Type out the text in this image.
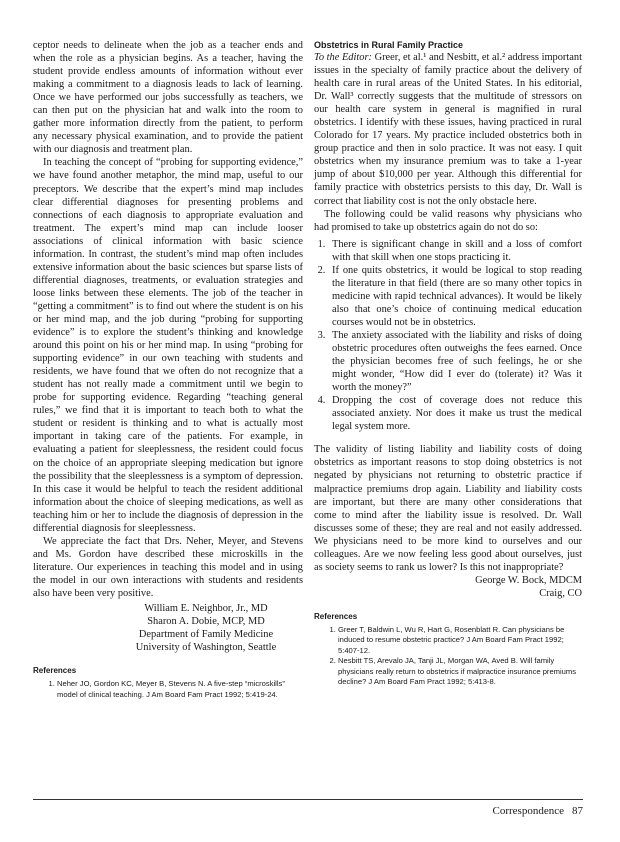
ceptor needs to delineate when the job as a teacher ends and when the role as a physician begins. As a teacher, having the student provide endless amounts of information without ever making a commitment to a diagnosis leads to lack of learning. Once we have performed our jobs successfully as teachers, we can then put on the physician hat and walk into the room to gather more information directly from the patient, to perform any necessary physical examination, and to provide the patient with our diagnosis and treatment plan.

In teaching the concept of “probing for supporting evidence,” we have found another metaphor, the mind map, useful to our preceptors. We describe that the expert’s mind map includes clear differential diagnoses for presenting problems and connections of each diagnosis to appropriate evaluation and treatment. The expert’s mind map can include looser associations of clinical information with basic science information. In contrast, the student’s mind map often includes extensive information about the basic sciences but sparse lists of differential diagnoses, treatments, or evaluation strategies and loose links between these elements. The job of the teacher in “getting a commitment” is to find out where the student is on his or her mind map, and the job during “probing for supporting evidence” is to explore the student’s thinking and knowledge around this point on his or her mind map. In using “probing for supporting evidence” in our own teaching with students and residents, we have found that we often do not recognize that a student has not really made a commitment until we begin to probe for supporting evidence. Regarding “teaching general rules,” we find that it is important to teach both to what the student or resident is thinking and to what is actually most important in taking care of the patients. For example, in evaluating a patient for sleeplessness, the resident could focus on the choice of an appropriate sleeping medication but ignore the possibility that the sleeplessness is a symptom of depression. In this case it would be helpful to teach the resident additional information about the choice of sleeping medications, as well as teaching him or her to include the diagnosis of depression in the differential diagnosis for sleeplessness.

We appreciate the fact that Drs. Neher, Meyer, and Stevens and Ms. Gordon have described these microskills in the literature. Our experiences in teaching this model and in using the model in our own interactions with students and residents also have been very positive.

William E. Neighbor, Jr., MD
Sharon A. Dobie, MCP, MD
Department of Family Medicine
University of Washington, Seattle
References
1. Neher JO, Gordon KC, Meyer B, Stevens N. A five-step “microskills” model of clinical teaching. J Am Board Fam Pract 1992; 5:419-24.
Obstetrics in Rural Family Practice

To the Editor: Greer, et al.¹ and Nesbitt, et al.² address important issues in the specialty of family practice about the delivery of health care in rural areas of the United States. In his editorial, Dr. Wall³ correctly suggests that the multitude of stressors on our health care system in general is magnified in rural obstetrics. I identify with these issues, having practiced in rural Colorado for 17 years. My practice included obstetrics both in group practice and then in solo practice. It was not easy. I quit obstetrics when my insurance premium was to take a 1-year jump of about $10,000 per year. Although this differential for family practice with obstetrics persists to this day, Dr. Wall is correct that liability cost is not the only obstacle here.

The following could be valid reasons why physicians who had promised to take up obstetrics again do not do so:

1. There is significant change in skill and a loss of comfort with that skill when one stops practicing it.
2. If one quits obstetrics, it would be logical to stop reading the literature in that field (there are so many other topics in medicine with rapid technical advances). It would be likely also that one’s choice of continuing medical education courses would not be in obstetrics.
3. The anxiety associated with the liability and risks of doing obstetric procedures often outweighs the fees earned. Once the physician becomes free of such feelings, he or she might wonder, “How did I ever do (tolerate) it? Was it worth the money?”
4. Dropping the cost of coverage does not reduce this associated anxiety. Nor does it make us trust the medical legal system more.

The validity of listing liability and liability costs of doing obstetrics as important reasons to stop doing obstetrics is not negated by physicians not returning to obstetric practice if malpractice premiums drop again. Liability and liability costs are important, but there are many other considerations that come to mind after the liability issue is resolved. Dr. Wall discusses some of these; they are real and not easily addressed. We physicians need to be more kind to ourselves and our colleagues. Are we now feeling less good about ourselves, just as society seems to rank us lower? Is this not inappropriate?

George W. Bock, MDCM
Craig, CO
References
1. Greer T, Baldwin L, Wu R, Hart G, Rosenblatt R. Can physicians be induced to resume obstetric practice? J Am Board Fam Pract 1992; 5:407-12.
2. Nesbitt TS, Arevalo JA, Tanji JL, Morgan WA, Aved B. Will family physicians really return to obstetrics if malpractice insurance premiums decline? J Am Board Fam Pract 1992; 5:413-8.
Correspondence 87
